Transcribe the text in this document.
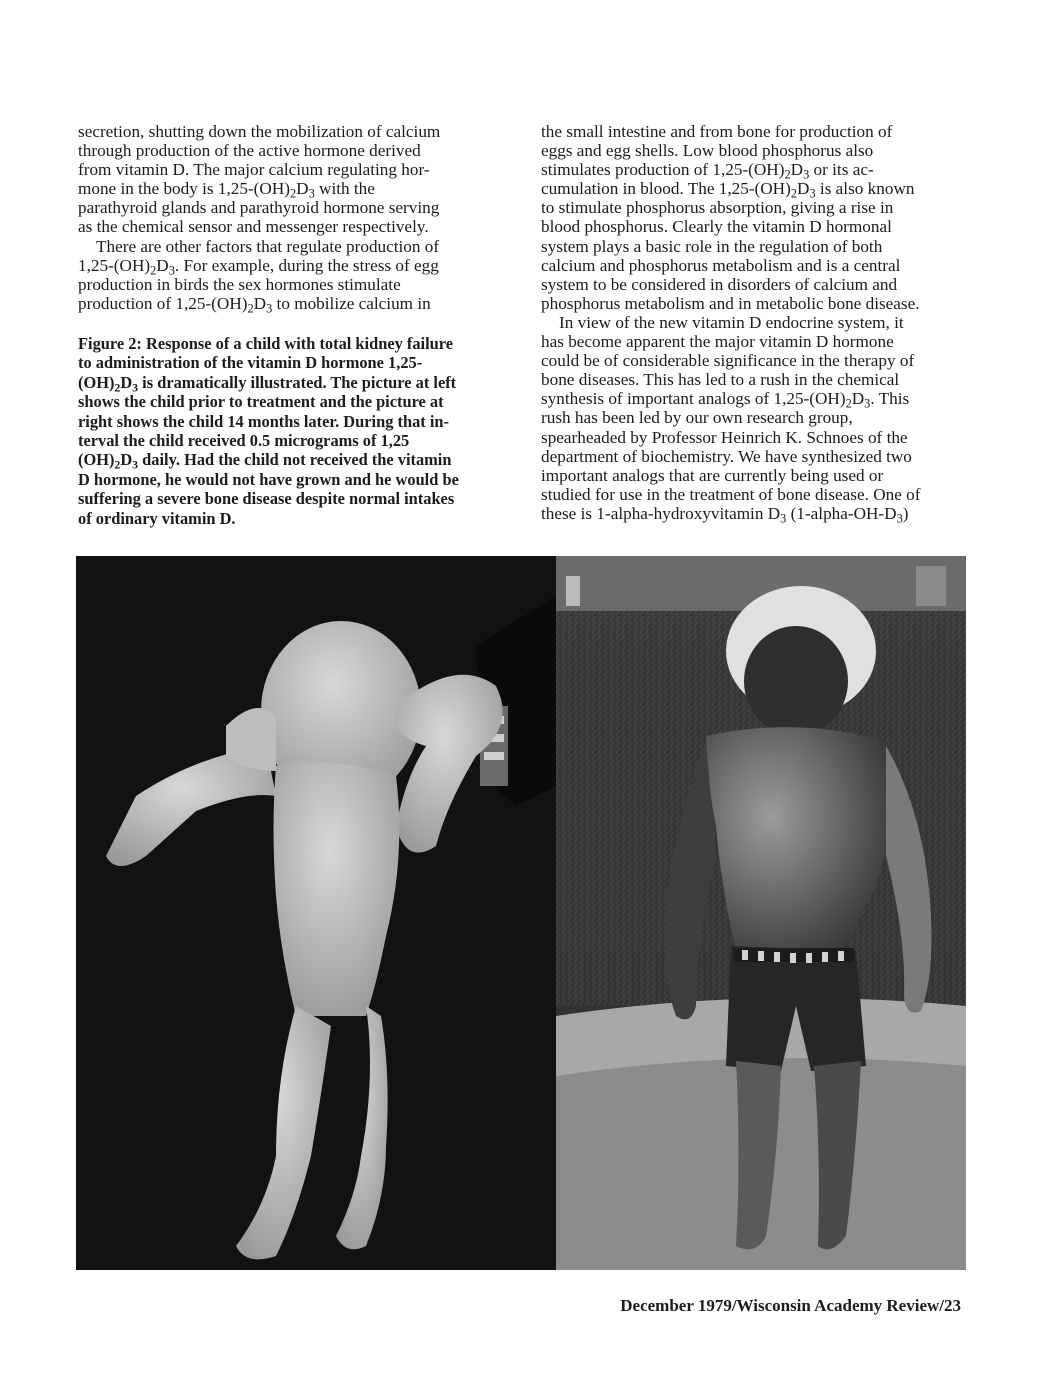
secretion, shutting down the mobilization of calcium
through production of the active hormone derived
from vitamin D. The major calcium regulating hor-
mone in the body is $1,25-(OH)_2D_3$ with the
parathyroid glands and parathyroid hormone serving
as the chemical sensor and messenger respectively.

There are other factors that regulate production of
$1,25-(OH)_2D_3$. For example, during the stress of egg
production in birds the sex hormones stimulate
production of $1,25-(OH)_2D_3$ to mobilize calcium in

Figure 2: Response of a child with total kidney failure
to administration of the vitamin D hormone 1,25-
$(OH)_2D_3$ is dramatically illustrated. The picture at left
shows the child prior to treatment and the picture at
right shows the child 14 months later. During that in-
terval the child received 0.5 micrograms of 1,25
$(OH)_2D_3$ daily. Had the child not received the vitamin
D hormone, he would not have grown and he would be
suffering a severe bone disease despite normal intakes
of ordinary vitamin D.

the small intestine and from bone for production of
eggs and egg shells. Low blood phosphorus also
stimulates production of $1,25-(OH)_2D_3$ or its ac-
cumulation in blood. The $1,25-(OH)_2D_3$ is also known
to stimulate phosphorus absorption, giving a rise in
blood phosphorus. Clearly the vitamin D hormonal
system plays a basic role in the regulation of both
calcium and phosphorus metabolism and is a central
system to be considered in disorders of calcium and
phosphorus metabolism and in metabolic bone disease.

In view of the new vitamin D endocrine system, it
has become apparent the major vitamin D hormone
could be of considerable significance in the therapy of
bone diseases. This has led to a rush in the chemical
synthesis of important analogs of $1,25-(OH)_2D_3$. This
rush has been led by our own research group,
spearheaded by Professor Heinrich K. Schnoes of the
department of biochemistry. We have synthesized two
important analogs that are currently being used or
studied for use in the treatment of bone disease. One of
these is 1-alpha-hydroxyvitamin $D_3$ $(1-alpha-OH-D_3)$

December 1979/Wisconsin Academy Review/23
